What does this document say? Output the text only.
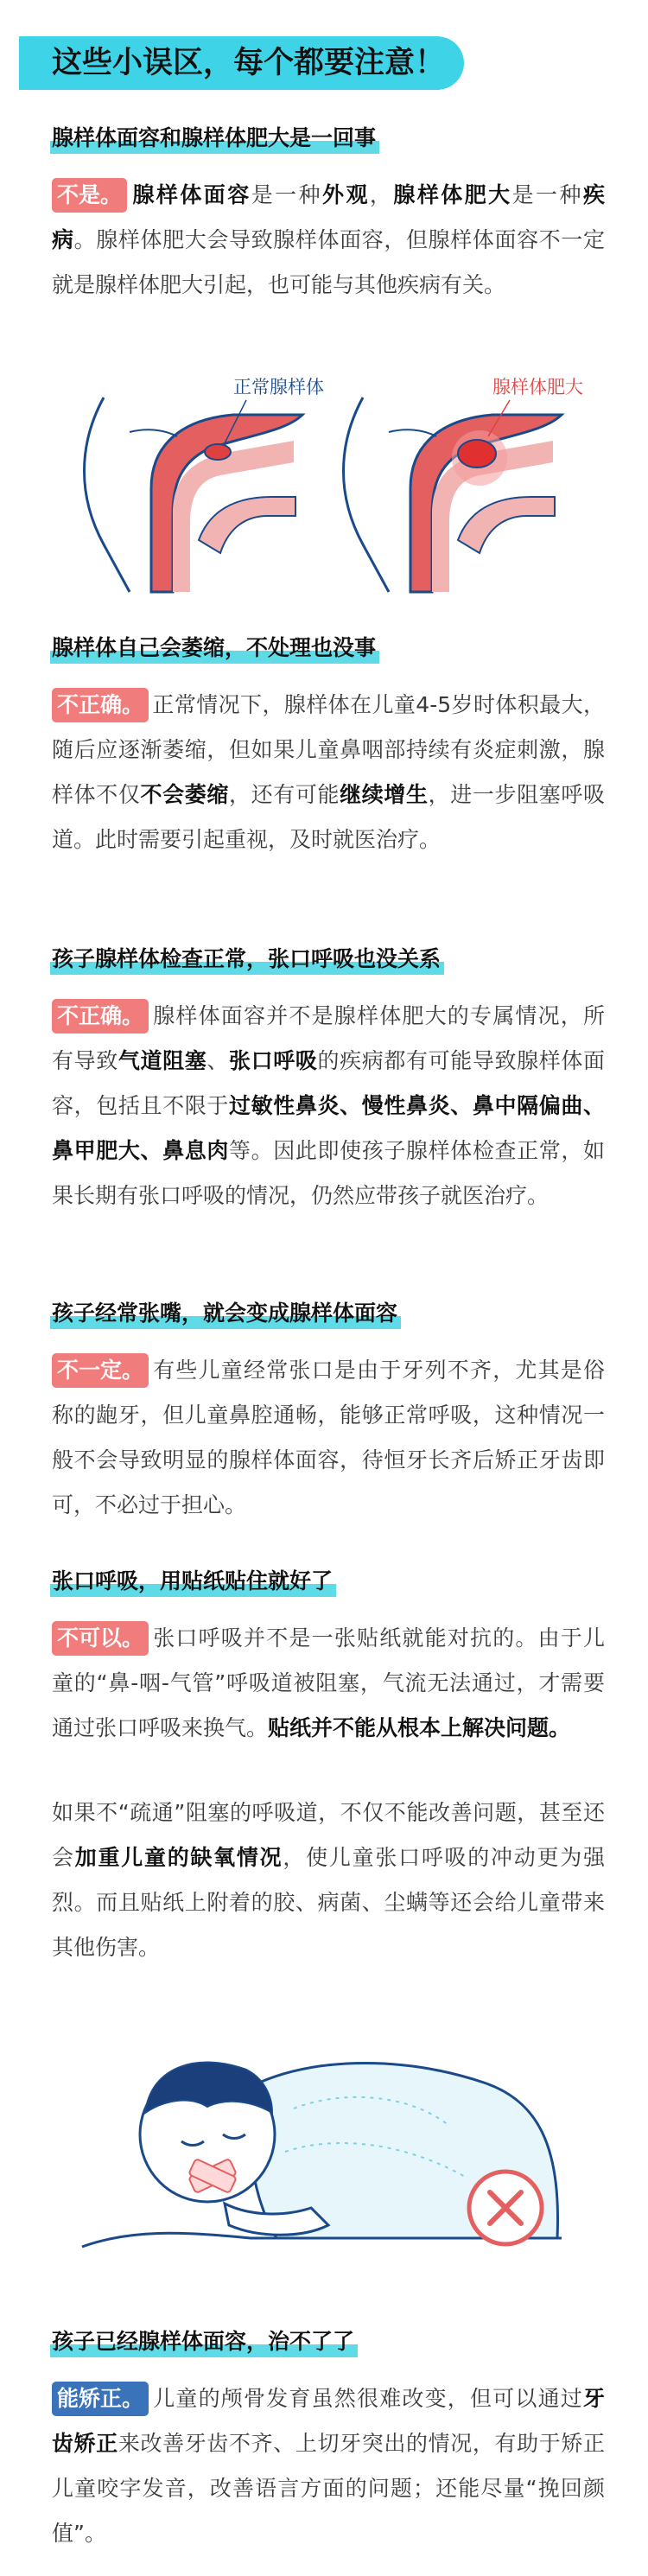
这些小误区，每个都要注意！
腺样体面容和腺样体肥大是一回事

不是。 腺样体面容是一种外观，腺样体肥大是一种疾病。腺样体肥大会导致腺样体面容，但腺样体面容不一定就是腺样体肥大引起，也可能与其他疾病有关。

正常腺样体	腺样体肥大
腺样体自己会萎缩，不处理也没事

不正确。 正常情况下，腺样体在儿童4-5岁时体积最大，随后应逐渐萎缩，但如果儿童鼻咽部持续有炎症刺激，腺样体不仅不会萎缩，还有可能继续增生，进一步阻塞呼吸道。此时需要引起重视，及时就医治疗。

孩子腺样体检查正常，张口呼吸也没关系

不正确。 腺样体面容并不是腺样体肥大的专属情况，所有导致气道阻塞、张口呼吸的疾病都有可能导致腺样体面容，包括且不限于过敏性鼻炎、慢性鼻炎、鼻中隔偏曲、鼻甲肥大、鼻息肉等。因此即使孩子腺样体检查正常，如果长期有张口呼吸的情况，仍然应带孩子就医治疗。

孩子经常张嘴，就会变成腺样体面容

不一定。 有些儿童经常张口是由于牙列不齐，尤其是俗称的龅牙，但儿童鼻腔通畅，能够正常呼吸，这种情况一般不会导致明显的腺样体面容，待恒牙长齐后矫正牙齿即可，不必过于担心。

张口呼吸，用贴纸贴住就好了

不可以。 张口呼吸并不是一张贴纸就能对抗的。由于儿童的“鼻-咽-气管”呼吸道被阻塞，气流无法通过，才需要通过张口呼吸来换气。贴纸并不能从根本上解决问题。

如果不“疏通”阻塞的呼吸道，不仅不能改善问题，甚至还会加重儿童的缺氧情况，使儿童张口呼吸的冲动更为强烈。而且贴纸上附着的胶、病菌、尘螨等还会给儿童带来其他伤害。

孩子已经腺样体面容，治不了了

能矫正。 儿童的颅骨发育虽然很难改变，但可以通过牙齿矫正来改善牙齿不齐、上切牙突出的情况，有助于矫正儿童咬字发音，改善语言方面的问题；还能尽量“挽回颜值”。
